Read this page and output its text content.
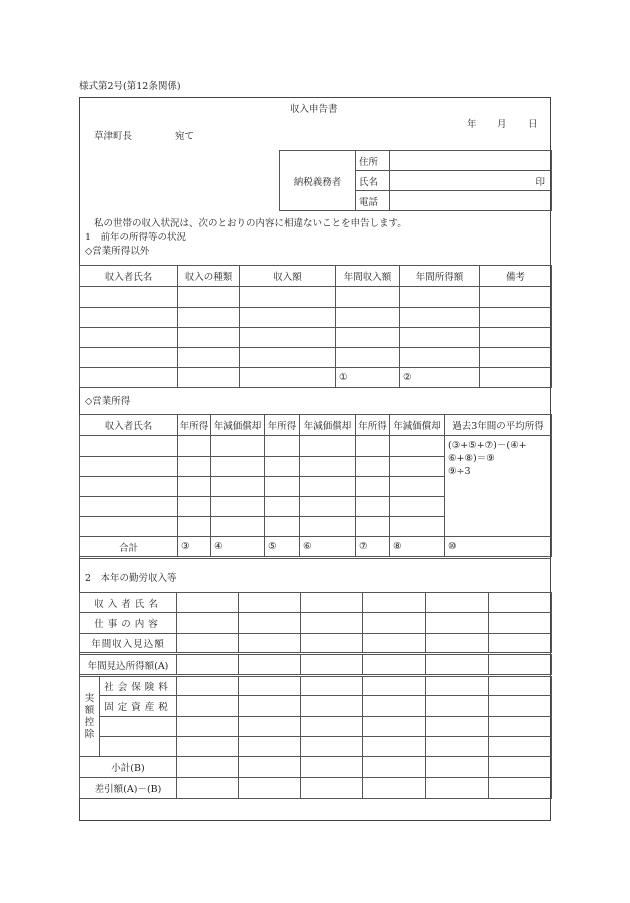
様式第2号(第12条関係)
収入申告書
年 月 日
草津町長	宛て
納税義務者	住所	
	氏名	印
	電話	
私の世帯の収入状況は、次のとおりの内容に相違ないことを申告します。
1　前年の所得等の状況
◇営業所得以外
収入者氏名	収入の種類	収入額	年間収入額	年間所得額	備考

			①	②	
◇営業所得
収入者氏名	年所得	年減価償却	年所得	年減価償却	年所得	年減価償却	過去3年間の平均所得

							(③+⑤+⑦)－(④+
⑥+⑧)＝⑨
⑨÷3

合計	③	④	⑤	⑥	⑦	⑧	⑩
2　本年の勤労収入等
収入者氏名							
仕事の内容							
年間収入見込額							
年間見込所得額(A)							

実額控除	社会保険料						
	固定資産税						

小計(B)							
差引額(A)－(B)							
